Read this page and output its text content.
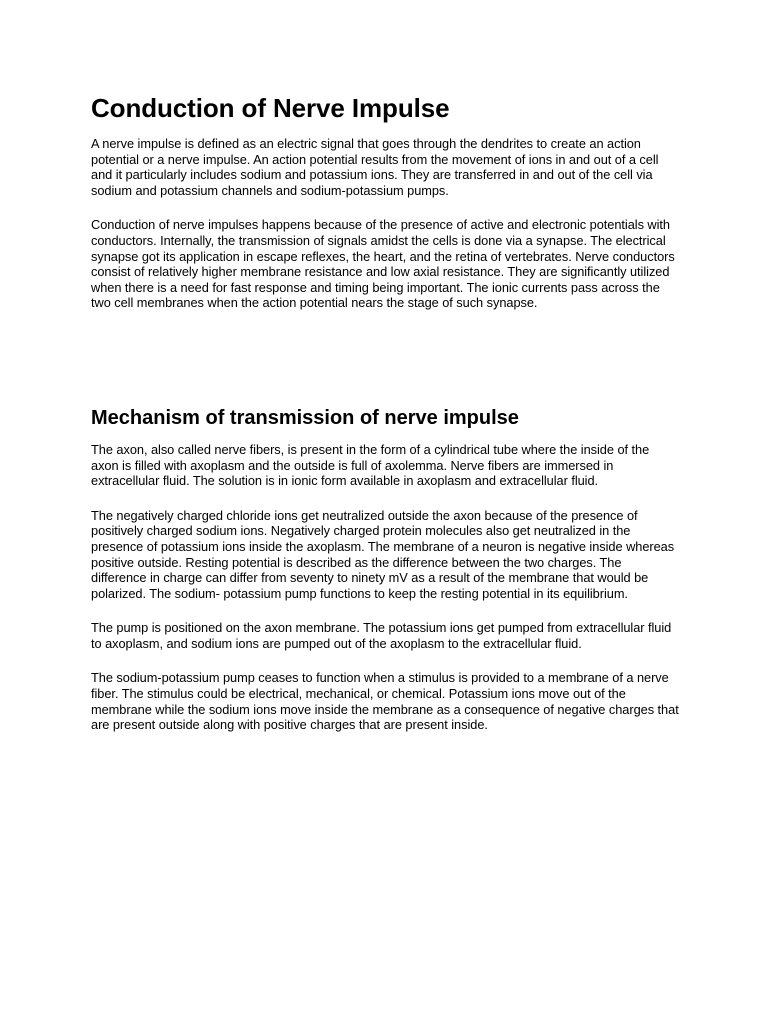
Conduction of Nerve Impulse

A nerve impulse is defined as an electric signal that goes through the dendrites to create an action potential or a nerve impulse. An action potential results from the movement of ions in and out of a cell and it particularly includes sodium and potassium ions. They are transferred in and out of the cell via sodium and potassium channels and sodium-potassium pumps.

Conduction of nerve impulses happens because of the presence of active and electronic potentials with conductors. Internally, the transmission of signals amidst the cells is done via a synapse. The electrical synapse got its application in escape reflexes, the heart, and the retina of vertebrates. Nerve conductors consist of relatively higher membrane resistance and low axial resistance. They are significantly utilized when there is a need for fast response and timing being important. The ionic currents pass across the two cell membranes when the action potential nears the stage of such synapse.

Mechanism of transmission of nerve impulse

The axon, also called nerve fibers, is present in the form of a cylindrical tube where the inside of the axon is filled with axoplasm and the outside is full of axolemma. Nerve fibers are immersed in extracellular fluid. The solution is in ionic form available in axoplasm and extracellular fluid.

The negatively charged chloride ions get neutralized outside the axon because of the presence of positively charged sodium ions. Negatively charged protein molecules also get neutralized in the presence of potassium ions inside the axoplasm. The membrane of a neuron is negative inside whereas positive outside. Resting potential is described as the difference between the two charges. The difference in charge can differ from seventy to ninety mV as a result of the membrane that would be polarized. The sodium- potassium pump functions to keep the resting potential in its equilibrium.

The pump is positioned on the axon membrane. The potassium ions get pumped from extracellular fluid to axoplasm, and sodium ions are pumped out of the axoplasm to the extracellular fluid.

The sodium-potassium pump ceases to function when a stimulus is provided to a membrane of a nerve fiber. The stimulus could be electrical, mechanical, or chemical. Potassium ions move out of the membrane while the sodium ions move inside the membrane as a consequence of negative charges that are present outside along with positive charges that are present inside.
